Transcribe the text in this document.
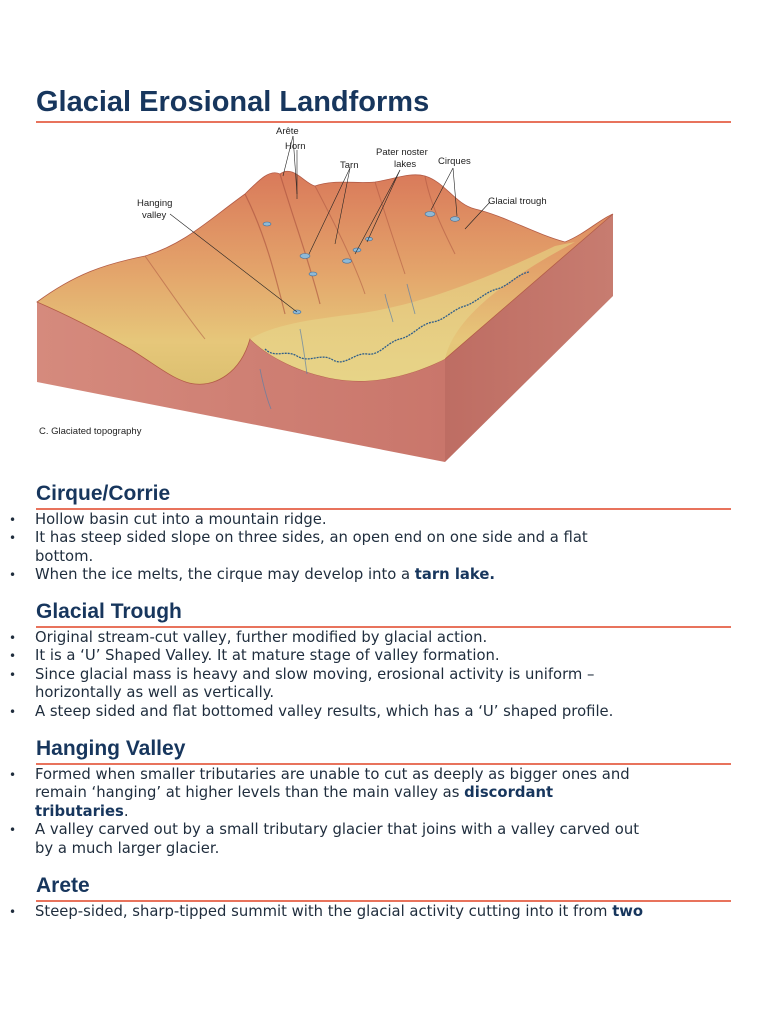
Glacial Erosional Landforms
Arête
Horn
Tarn
Pater noster
lakes Cirques
Hanging
valley
Glacial trough
C. Glaciated topography
Cirque/Corrie
• Hollow basin cut into a mountain ridge.
• It has steep sided slope on three sides, an open end on one side and a flat
bottom.
• When the ice melts, the cirque may develop into a tarn lake.
Glacial Trough
• Original stream-cut valley, further modified by glacial action.
• It is a ‘U’ Shaped Valley. It at mature stage of valley formation.
• Since glacial mass is heavy and slow moving, erosional activity is uniform –
horizontally as well as vertically.
• A steep sided and flat bottomed valley results, which has a ‘U’ shaped profile.
Hanging Valley
• Formed when smaller tributaries are unable to cut as deeply as bigger ones and
remain ‘hanging’ at higher levels than the main valley as discordant
tributaries.
• A valley carved out by a small tributary glacier that joins with a valley carved out
by a much larger glacier.
Arete
• Steep-sided, sharp-tipped summit with the glacial activity cutting into it from two
